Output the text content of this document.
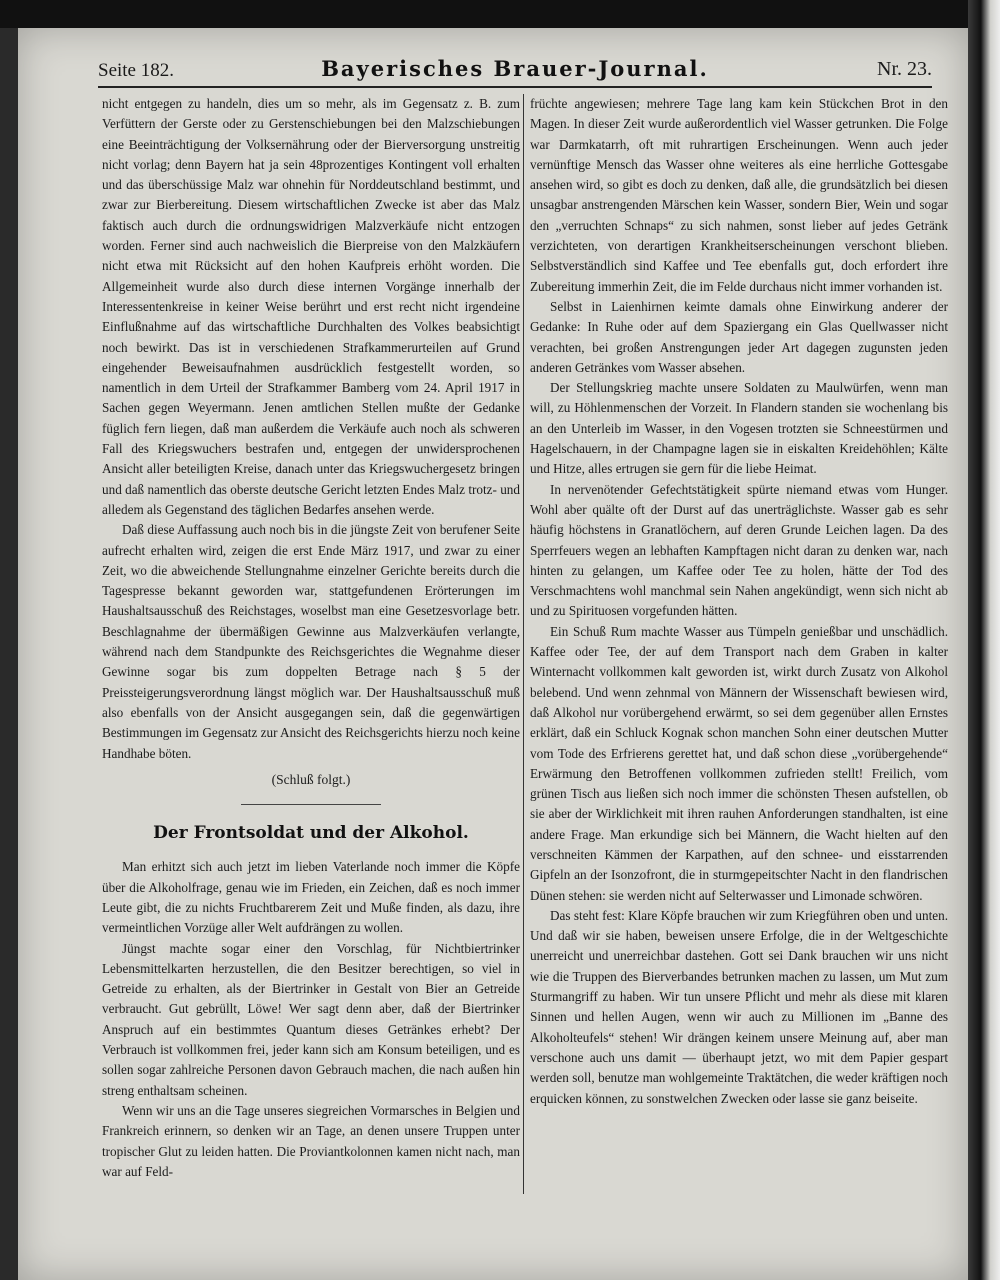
Seite 182.	Bayerisches Brauer-Journal.	Nr. 23.

nicht entgegen zu handeln, dies um so mehr, als im Gegensatz z. B. zum Verfüttern der Gerste oder zu Gerstenschiebungen bei den Malzschiebungen eine Beeinträchtigung der Volksernährung oder der Bierversorgung unstreitig nicht vorlag; denn Bayern hat ja sein 48prozentiges Kontingent voll erhalten und das überschüssige Malz war ohnehin für Norddeutschland bestimmt, und zwar zur Bierbereitung. Diesem wirtschaftlichen Zwecke ist aber das Malz faktisch auch durch die ordnungswidrigen Malzverkäufe nicht entzogen worden. Ferner sind auch nachweislich die Bierpreise von den Malzkäufern nicht etwa mit Rücksicht auf den hohen Kaufpreis erhöht worden. Die Allgemeinheit wurde also durch diese internen Vorgänge innerhalb der Interessentenkreise in keiner Weise berührt und erst recht nicht irgendeine Einflußnahme auf das wirtschaftliche Durchhalten des Volkes beabsichtigt noch bewirkt. Das ist in verschiedenen Strafkammerurteilen auf Grund eingehender Beweisaufnahmen ausdrücklich festgestellt worden, so namentlich in dem Urteil der Strafkammer Bamberg vom 24. April 1917 in Sachen gegen Weyermann. Jenen amtlichen Stellen mußte der Gedanke füglich fern liegen, daß man außerdem die Verkäufe auch noch als schweren Fall des Kriegswuchers bestrafen und, entgegen der unwidersprochenen Ansicht aller beteiligten Kreise, danach unter das Kriegswuchergesetz bringen und daß namentlich das oberste deutsche Gericht letzten Endes Malz trotz- und alledem als Gegenstand des täglichen Bedarfes ansehen werde.

Daß diese Auffassung auch noch bis in die jüngste Zeit von berufener Seite aufrecht erhalten wird, zeigen die erst Ende März 1917, und zwar zu einer Zeit, wo die abweichende Stellungnahme einzelner Gerichte bereits durch die Tagespresse bekannt geworden war, stattgefundenen Erörterungen im Haushaltsausschuß des Reichstages, woselbst man eine Gesetzesvorlage betr. Beschlagnahme der übermäßigen Gewinne aus Malzverkäufen verlangte, während nach dem Standpunkte des Reichsgerichtes die Wegnahme dieser Gewinne sogar bis zum doppelten Betrage nach § 5 der Preissteigerungsverordnung längst möglich war. Der Haushaltsausschuß muß also ebenfalls von der Ansicht ausgegangen sein, daß die gegenwärtigen Bestimmungen im Gegensatz zur Ansicht des Reichsgerichts hierzu noch keine Handhabe böten.

(Schluß folgt.)
Der Frontsoldat und der Alkohol.

Man erhitzt sich auch jetzt im lieben Vaterlande noch immer die Köpfe über die Alkoholfrage, genau wie im Frieden, ein Zeichen, daß es noch immer Leute gibt, die zu nichts Fruchtbarerem Zeit und Muße finden, als dazu, ihre vermeintlichen Vorzüge aller Welt aufdrängen zu wollen.

Jüngst machte sogar einer den Vorschlag, für Nichtbiertrinker Lebensmittelkarten herzustellen, die den Besitzer berechtigen, so viel in Getreide zu erhalten, als der Biertrinker in Gestalt von Bier an Getreide verbraucht. Gut gebrüllt, Löwe! Wer sagt denn aber, daß der Biertrinker Anspruch auf ein bestimmtes Quantum dieses Getränkes erhebt? Der Verbrauch ist vollkommen frei, jeder kann sich am Konsum beteiligen, und es sollen sogar zahlreiche Personen davon Gebrauch machen, die nach außen hin streng enthaltsam scheinen.

Wenn wir uns an die Tage unseres siegreichen Vormarsches in Belgien und Frankreich erinnern, so denken wir an Tage, an denen unsere Truppen unter tropischer Glut zu leiden hatten. Die Proviantkolonnen kamen nicht nach, man war auf Feld-

früchte angewiesen; mehrere Tage lang kam kein Stückchen Brot in den Magen. In dieser Zeit wurde außerordentlich viel Wasser getrunken. Die Folge war Darmkatarrh, oft mit ruhrartigen Erscheinungen. Wenn auch jeder vernünftige Mensch das Wasser ohne weiteres als eine herrliche Gottesgabe ansehen wird, so gibt es doch zu denken, daß alle, die grundsätzlich bei diesen unsagbar anstrengenden Märschen kein Wasser, sondern Bier, Wein und sogar den „verruchten Schnaps“ zu sich nahmen, sonst lieber auf jedes Getränk verzichteten, von derartigen Krankheitserscheinungen verschont blieben. Selbstverständlich sind Kaffee und Tee ebenfalls gut, doch erfordert ihre Zubereitung immerhin Zeit, die im Felde durchaus nicht immer vorhanden ist.

Selbst in Laienhirnen keimte damals ohne Einwirkung anderer der Gedanke: In Ruhe oder auf dem Spaziergang ein Glas Quellwasser nicht verachten, bei großen Anstrengungen jeder Art dagegen zugunsten jeden anderen Getränkes vom Wasser absehen.

Der Stellungskrieg machte unsere Soldaten zu Maulwürfen, wenn man will, zu Höhlenmenschen der Vorzeit. In Flandern standen sie wochenlang bis an den Unterleib im Wasser, in den Vogesen trotzten sie Schneestürmen und Hagelschauern, in der Champagne lagen sie in eiskalten Kreidehöhlen; Kälte und Hitze, alles ertrugen sie gern für die liebe Heimat.

In nervenötender Gefechtstätigkeit spürte niemand etwas vom Hunger. Wohl aber quälte oft der Durst auf das unerträglichste. Wasser gab es sehr häufig höchstens in Granatlöchern, auf deren Grunde Leichen lagen. Da des Sperrfeuers wegen an lebhaften Kampftagen nicht daran zu denken war, nach hinten zu gelangen, um Kaffee oder Tee zu holen, hätte der Tod des Verschmachtens wohl manchmal sein Nahen angekündigt, wenn sich nicht ab und zu Spirituosen vorgefunden hätten.

Ein Schuß Rum machte Wasser aus Tümpeln genießbar und unschädlich. Kaffee oder Tee, der auf dem Transport nach dem Graben in kalter Winternacht vollkommen kalt geworden ist, wirkt durch Zusatz von Alkohol belebend. Und wenn zehnmal von Männern der Wissenschaft bewiesen wird, daß Alkohol nur vorübergehend erwärmt, so sei dem gegenüber allen Ernstes erklärt, daß ein Schluck Kognak schon manchen Sohn einer deutschen Mutter vom Tode des Erfrierens gerettet hat, und daß schon diese „vorübergehende“ Erwärmung den Betroffenen vollkommen zufrieden stellt! Freilich, vom grünen Tisch aus ließen sich noch immer die schönsten Thesen aufstellen, ob sie aber der Wirklichkeit mit ihren rauhen Anforderungen standhalten, ist eine andere Frage. Man erkundige sich bei Männern, die Wacht hielten auf den verschneiten Kämmen der Karpathen, auf den schnee- und eisstarrenden Gipfeln an der Isonzofront, die in sturmgepeitschter Nacht in den flandrischen Dünen stehen: sie werden nicht auf Selterwasser und Limonade schwören.

Das steht fest: Klare Köpfe brauchen wir zum Kriegführen oben und unten. Und daß wir sie haben, beweisen unsere Erfolge, die in der Weltgeschichte unerreicht und unerreichbar dastehen. Gott sei Dank brauchen wir uns nicht wie die Truppen des Bierverbandes betrunken machen zu lassen, um Mut zum Sturmangriff zu haben. Wir tun unsere Pflicht und mehr als diese mit klaren Sinnen und hellen Augen, wenn wir auch zu Millionen im „Banne des Alkoholteufels“ stehen! Wir drängen keinem unsere Meinung auf, aber man verschone auch uns damit — überhaupt jetzt, wo mit dem Papier gespart werden soll, benutze man wohlgemeinte Traktätchen, die weder kräftigen noch erquicken können, zu sonstwelchen Zwecken oder lasse sie ganz beiseite.
